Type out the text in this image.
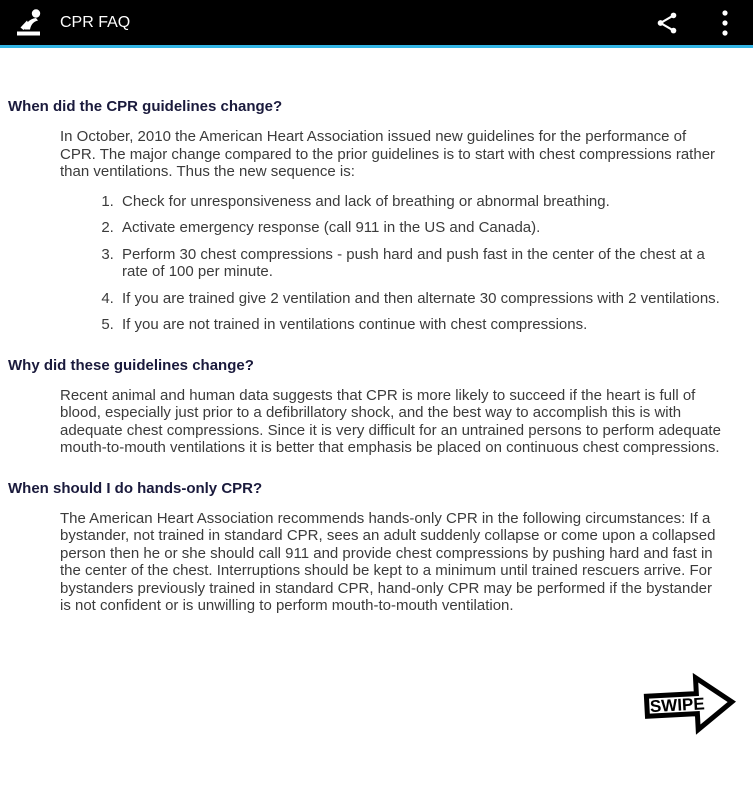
CPR FAQ
When did the CPR guidelines change?

In October, 2010 the American Heart Association issued new guidelines for the performance of CPR. The major change compared to the prior guidelines is to start with chest compressions rather than ventilations. Thus the new sequence is:

1. Check for unresponsiveness and lack of breathing or abnormal breathing.
2. Activate emergency response (call 911 in the US and Canada).
3. Perform 30 chest compressions - push hard and push fast in the center of the chest at a rate of 100 per minute.
4. If you are trained give 2 ventilation and then alternate 30 compressions with 2 ventilations.
5. If you are not trained in ventilations continue with chest compressions.
Why did these guidelines change?

Recent animal and human data suggests that CPR is more likely to succeed if the heart is full of blood, especially just prior to a defibrillatory shock, and the best way to accomplish this is with adequate chest compressions. Since it is very difficult for an untrained persons to perform adequate mouth-to-mouth ventilations it is better that emphasis be placed on continuous chest compressions.

When should I do hands-only CPR?

The American Heart Association recommends hands-only CPR in the following circumstances: If a bystander, not trained in standard CPR, sees an adult suddenly collapse or come upon a collapsed person then he or she should call 911 and provide chest compressions by pushing hard and fast in the center of the chest. Interruptions should be kept to a minimum until trained rescuers arrive. For bystanders previously trained in standard CPR, hand-only CPR may be performed if the bystander is not confident or is unwilling to perform mouth-to-mouth ventilation.

SWIPE
